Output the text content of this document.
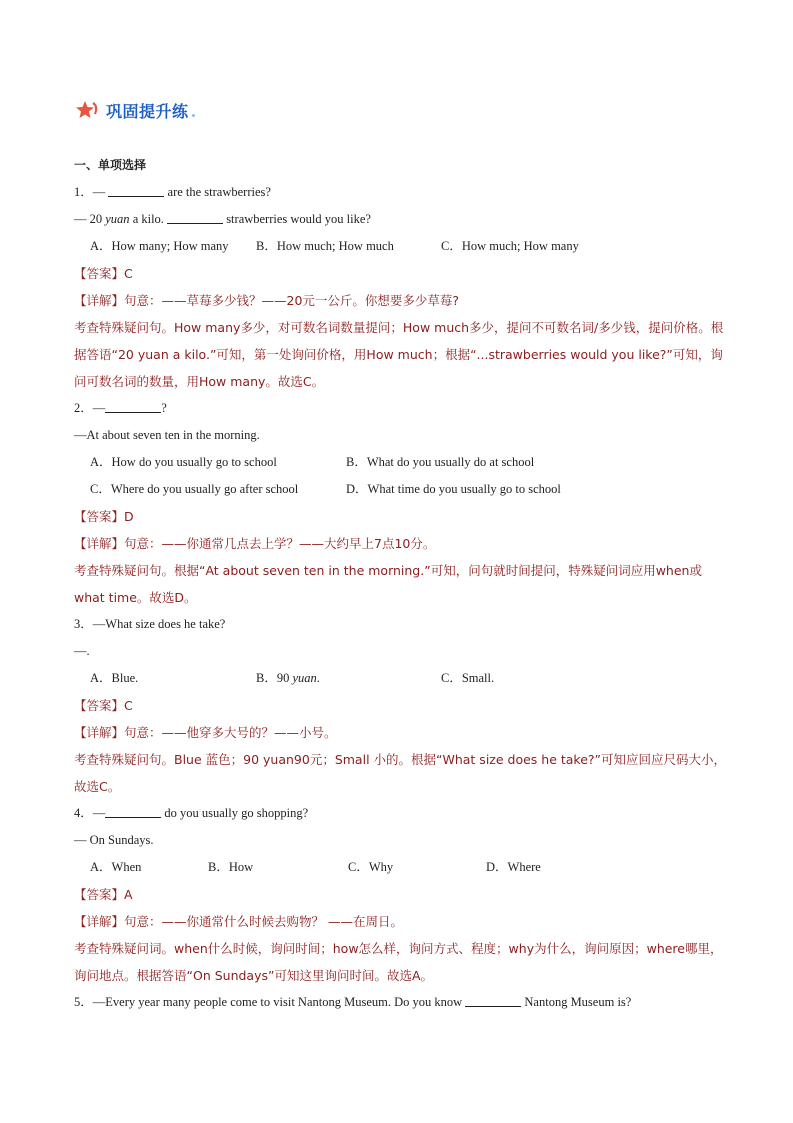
巩固提升练
一、单项选择
1．—	are the strawberries?
— 20 yuan a kilo.	strawberries would you like?
A．How many; How many	B．How much; How much	C．How much; How many
【答案】C
【详解】句意：——草莓多少钱？——20元一公斤。你想要多少草莓?
考查特殊疑问句。How many多少，对可数名词数量提问；How much多少，提问不可数名词/多少钱，提问价格。根据答语“20 yuan a kilo.”可知，第一处询问价格，用How much；根据“...strawberries would you like?”可知，询问可数名词的数量，用How many。故选C。
2．—	?
—At about seven ten in the morning.
A．How do you usually go to school	B．What do you usually do at school
C．Where do you usually go after school	D．What time do you usually go to school
【答案】D
【详解】句意：——你通常几点去上学？——大约早上7点10分。
考查特殊疑问句。根据“At about seven ten in the morning.”可知，问句就时间提问，特殊疑问词应用when或what time。故选D。
3．—What size does he take?
—.
A．Blue.	B．90 yuan.	C．Small.
【答案】C
【详解】句意：——他穿多大号的？——小号。
考查特殊疑问句。Blue 蓝色；90 yuan90元；Small 小的。根据“What size does he take?”可知应回应尺码大小，故选C。
4．—	do you usually go shopping?
— On Sundays.
A．When	B．How	C．Why	D．Where
【答案】A
【详解】句意：——你通常什么时候去购物？ ——在周日。
考查特殊疑问词。when什么时候，询问时间；how怎么样，询问方式、程度；why为什么，询问原因；where哪里， 询问地点。根据答语“On Sundays”可知这里询问时间。故选A。
5．—Every year many people come to visit Nantong Museum. Do you know	Nantong Museum is?
